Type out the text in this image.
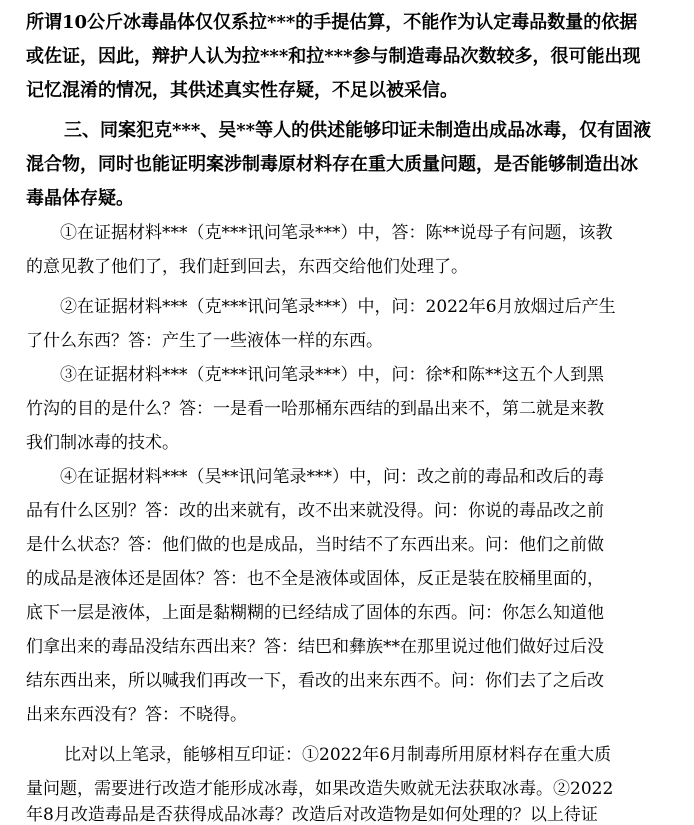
所谓10公斤冰毒晶体仅仅系拉***的手提估算，不能作为认定毒品数量的依据
或佐证，因此，辩护人认为拉***和拉***参与制造毒品次数较多，很可能出现
记忆混淆的情况，其供述真实性存疑，不足以被采信。
三、同案犯克***、吴**等人的供述能够印证未制造出成品冰毒，仅有固液
混合物，同时也能证明案涉制毒原材料存在重大质量问题，是否能够制造出冰
毒晶体存疑。
①在证据材料***（克***讯问笔录***）中，答：陈**说母子有问题，该教
的意见教了他们了，我们赶到回去，东西交给他们处理了。
②在证据材料***（克***讯问笔录***）中，问：2022年6月放烟过后产生
了什么东西？答：产生了一些液体一样的东西。
③在证据材料***（克***讯问笔录***）中，问：徐*和陈**这五个人到黑
竹沟的目的是什么？答：一是看一哈那桶东西结的到晶出来不，第二就是来教
我们制冰毒的技术。
④在证据材料***（吴**讯问笔录***）中，问：改之前的毒品和改后的毒
品有什么区别？答：改的出来就有，改不出来就没得。问：你说的毒品改之前
是什么状态？答：他们做的也是成品，当时结不了东西出来。问：他们之前做
的成品是液体还是固体？答：也不全是液体或固体，反正是装在胶桶里面的，
底下一层是液体，上面是黏糊糊的已经结成了固体的东西。问：你怎么知道他
们拿出来的毒品没结东西出来？答：结巴和彝族**在那里说过他们做好过后没
结东西出来，所以喊我们再改一下，看改的出来东西不。问：你们去了之后改
出来东西没有？答：不晓得。
比对以上笔录，能够相互印证：①2022年6月制毒所用原材料存在重大质
量问题，需要进行改造才能形成冰毒，如果改造失败就无法获取冰毒。②2022
年8月改造毒品是否获得成品冰毒？改造后对改造物是如何处理的？以上待证
